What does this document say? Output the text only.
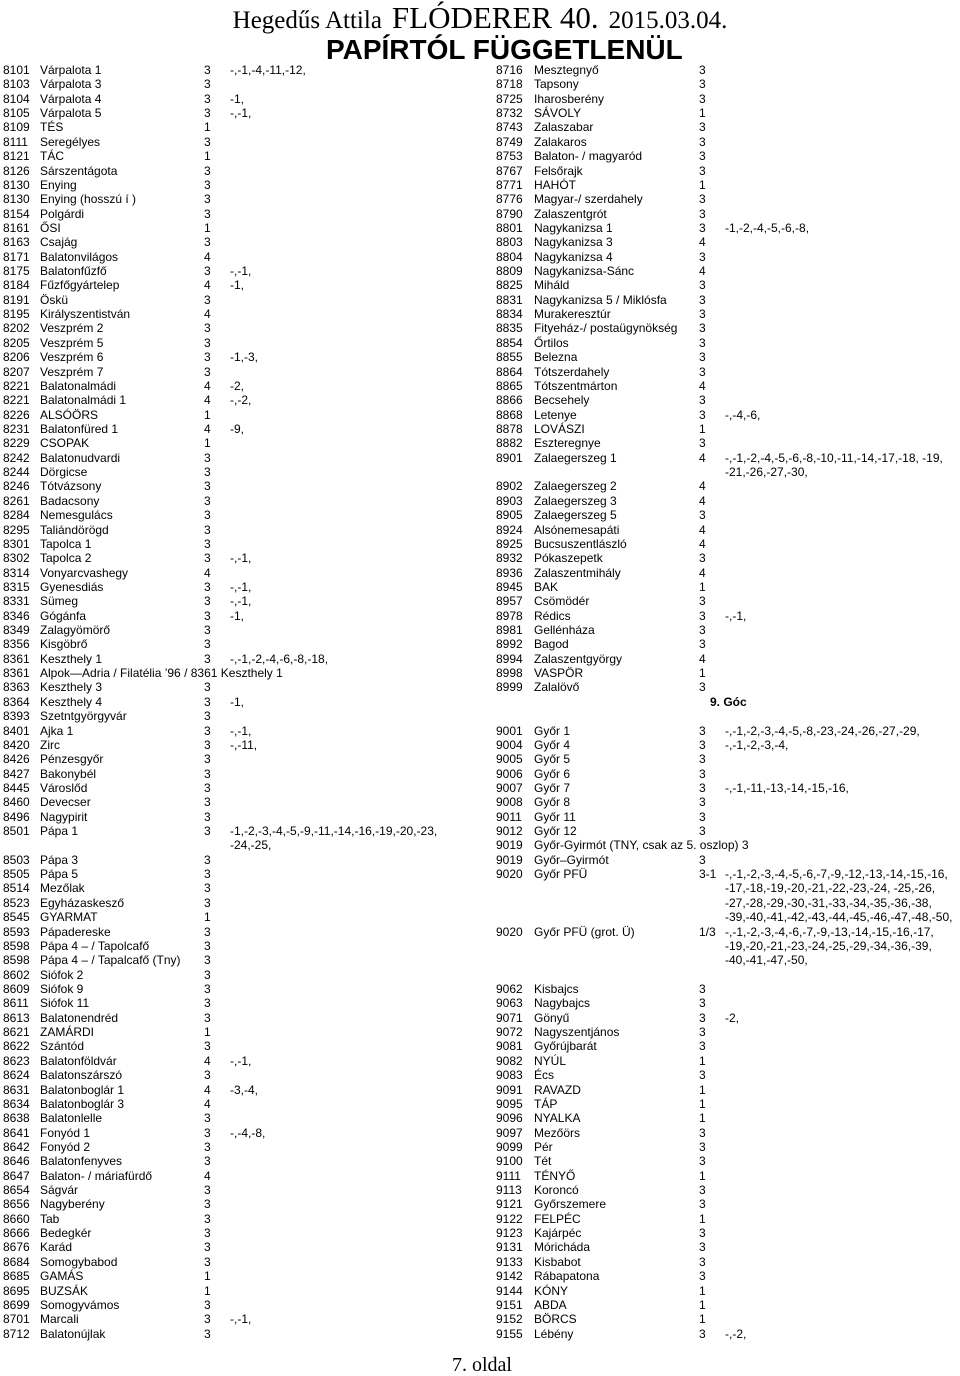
Hegedűs Attila FLÓDERER 40. 2015.03.04.
PAPÍRTÓL FÜGGETLENÜL
8101 Várpalota 1	3 -,-1,-4,-11,-12,
8103 Várpalota 3	3
8104 Várpalota 4	3 -1,
8105 Várpalota 5	3 -,-1,
8109 TÉS	1
8111 Seregélyes	3
8121 TÁC	1
8126 Sárszentágota	3
8130 Enying	3
8130 Enying (hosszú í )	3
8154 Polgárdi	3
8161 ŐSI	1
8163 Csajág	3
8171 Balatonvilágos	4
8175 Balatonfűzfő	3 -,-1,
8184 Fűzfőgyártelep	4 -1,
8191 Öskü	3
8195 Királyszentistván	4
8202 Veszprém 2	3
8205 Veszprém 5	3
8206 Veszprém 6	3 -1,-3,
8207 Veszprém 7	3
8221 Balatonalmádi	4 -2,
8221 Balatonalmádi 1	4 -,-2,
8226 ALSÓÖRS	1
8231 Balatonfüred 1	4 -9,
8229 CSOPAK	1
8242 Balatonudvardi	3
8244 Dörgicse	3
8246 Tótvázsony	3
8261 Badacsony	3
8284 Nemesgulács	3
8295 Taliándörögd	3
8301 Tapolca 1	3
8302 Tapolca 2	3 -,-1,
8314 Vonyarcvashegy	4
8315 Gyenesdiás	3 -,-1,
8331 Sümeg	3 -,-1,
8346 Gógánfa	3 -1,
8349 Zalagyömörő	3
8356 Kisgöbrő	3
8361 Keszthely 1	3 -,-1,-2,-4,-6,-8,-18,
8361 Alpok—Adria / Filatélia ’96 / 8361 Keszthely 1
8363 Keszthely 3	3
8364 Keszthely 4	3 -1,
8393 Szetntgyörgyvár	3
8401 Ajka 1	3 -,-1,
8420 Zirc	3 -,-11,
8426 Pénzesgyőr	3
8427 Bakonybél	3
8445 Városlőd	3
8460 Devecser	3
8496 Nagypirit	3
8501 Pápa 1	3 -1,-2,-3,-4,-5,-9,-11,-14,-16,-19,-20,-23,
-24,-25,
8503 Pápa 3	3
8505 Pápa 5	3
8514 Mezőlak	3
8523 Egyházaskesző	3
8545 GYARMAT	1
8593 Pápadereske	3
8598 Pápa 4 – / Tapolcafő	3
8598 Pápa 4 – / Tapalcafő (Tny) 3
8602 Siófok 2	3
8609 Siófok 9	3
8611 Siófok 11	3
8613 Balatonendréd	3
8621 ZAMÁRDI	1
8622 Szántód	3
8623 Balatonföldvár	4 -,-1,
8624 Balatonszárszó	3
8631 Balatonboglár 1	4 -3,-4,
8634 Balatonboglár 3	4
8638 Balatonlelle	3
8641 Fonyód 1	3 -,-4,-8,
8642 Fonyód 2	3
8646 Balatonfenyves	3
8647 Balaton- / máriafürdő	4
8654 Ságvár	3
8656 Nagyberény	3
8660 Tab	3
8666 Bedegkér	3
8676 Karád	3
8684 Somogybabod	3
8685 GAMÁS	1
8695 BUZSÁK	1
8699 Somogyvámos	3
8701 Marcali	3 -,-1,
8712 Balatonújlak	3
8716 Mesztegnyő	3
8718 Tapsony	3
8725 Iharosberény	3
8732 SÁVOLY	1
8743 Zalaszabar	3
8749 Zalakaros	3
8753 Balaton- / magyaród	3
8767 Felsőrajk	3
8771 HAHÓT	1
8776 Magyar-/ szerdahely	3
8790 Zalaszentgrót	3
8801 Nagykanizsa 1	3 -1,-2,-4,-5,-6,-8,
8803 Nagykanizsa 3	4
8804 Nagykanizsa 4	3
8809 Nagykanizsa-Sánc	4
8825 Miháld	3
8831 Nagykanizsa 5 / Miklósfa	3
8834 Murakeresztúr	3
8835 Fityeház-/ postaügynökség 3
8854 Őrtilos	3
8855 Belezna	3
8864 Tótszerdahely	3
8865 Tótszentmárton	4
8866 Becsehely	3
8868 Letenye	3 -,-4,-6,
8878 LOVÁSZI	1
8882 Eszteregnye	3
8901 Zalaegerszeg 1	4 -,-1,-2,-4,-5,-6,-8,-10,-11,-14,-17,-18, -19,
-21,-26,-27,-30,
8902 Zalaegerszeg 2	4
8903 Zalaegerszeg 3	4
8905 Zalaegerszeg 5	3
8924 Alsónemesapáti	4
8925 Bucsuszentlászló	4
8932 Pókaszepetk	3
8936 Zalaszentmihály	4
8945 BAK	1
8957 Csömödér	3
8978 Rédics	3 -,-1,
8981 Gellénháza	3
8992 Bagod	3
8994 Zalaszentgyörgy	4
8998 VASPÖR	1
8999 Zalalövő	3
9. Góc
9001 Győr 1	3 -,-1,-2,-3,-4,-5,-8,-23,-24,-26,-27,-29,
9004 Győr 4	3 -,-1,-2,-3,-4,
9005 Győr 5	3
9006 Győr 6	3
9007 Győr 7	3 -,-1,-11,-13,-14,-15,-16,
9008 Győr 8	3
9011 Győr 11	3
9012 Győr 12	3
9019 Győr-Gyirmót (TNY, csak az 5. oszlop) 3
9019 Győr–Gyirmót	3
9020 Győr PFÜ	3-1 -,-1,-2,-3,-4,-5,-6,-7,-9,-12,-13,-14,-15,-16,
-17,-18,-19,-20,-21,-22,-23,-24, -25,-26,
-27,-28,-29,-30,-31,-33,-34,-35,-36,-38,
-39,-40,-41,-42,-43,-44,-45,-46,-47,-48,-50,
9020 Győr PFÜ (grot. Ü)	1/3 -,-1,-2,-3,-4,-6,-7,-9,-13,-14,-15,-16,-17,
-19,-20,-21,-23,-24,-25,-29,-34,-36,-39,
-40,-41,-47,-50,
9062 Kisbajcs	3
9063 Nagybajcs	3
9071 Gönyű	3 -2,
9072 Nagyszentjános	3
9081 Győrújbarát	3
9082 NYÚL	1
9083 Écs	3
9091 RAVAZD	1
9095 TÁP	1
9096 NYALKA	1
9097 Mezőörs	3
9099 Pér	3
9100 Tét	3
9111 TÉNYŐ	1
9113 Koroncó	3
9121 Győrszemere	3
9122 FELPÉC	1
9123 Kajárpéc	3
9131 Móricháda	3
9133 Kisbabot	3
9142 Rábapatona	3
9144 KÓNY	1
9151 ABDA	1
9152 BÖRCS	1
9155 Lébény	3 -,-2,
7. oldal
